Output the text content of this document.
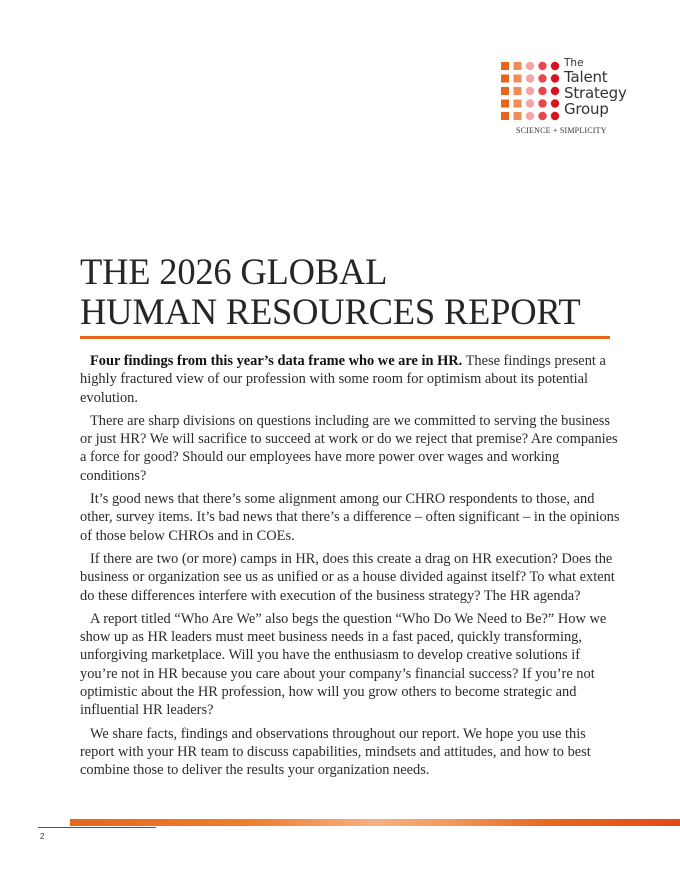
The
Talent
Strategy
Group
SCIENCE + SIMPLICITY
THE 2026 GLOBAL
HUMAN RESOURCES REPORT

Four findings from this year’s data frame who we are in HR. These findings present a highly fractured view of our profession with some room for optimism about its potential evolution.

There are sharp divisions on questions including are we committed to serving the business or just HR? We will sacrifice to succeed at work or do we reject that premise? Are companies a force for good? Should our employees have more power over wages and working conditions?

It’s good news that there’s some alignment among our CHRO respondents to those, and other, survey items. It’s bad news that there’s a difference – often significant – in the opinions of those below CHROs and in COEs.

If there are two (or more) camps in HR, does this create a drag on HR execution? Does the business or organization see us as unified or as a house divided against itself? To what extent do these differences interfere with execution of the business strategy? The HR agenda?

A report titled “Who Are We” also begs the question “Who Do We Need to Be?” How we show up as HR leaders must meet business needs in a fast paced, quickly transforming, unforgiving marketplace. Will you have the enthusiasm to develop creative solutions if you’re not in HR because you care about your company’s financial success? If you’re not optimistic about the HR profession, how will you grow others to become strategic and influential HR leaders?

We share facts, findings and observations throughout our report. We hope you use this report with your HR team to discuss capabilities, mindsets and attitudes, and how to best combine those to deliver the results your organization needs.

2
